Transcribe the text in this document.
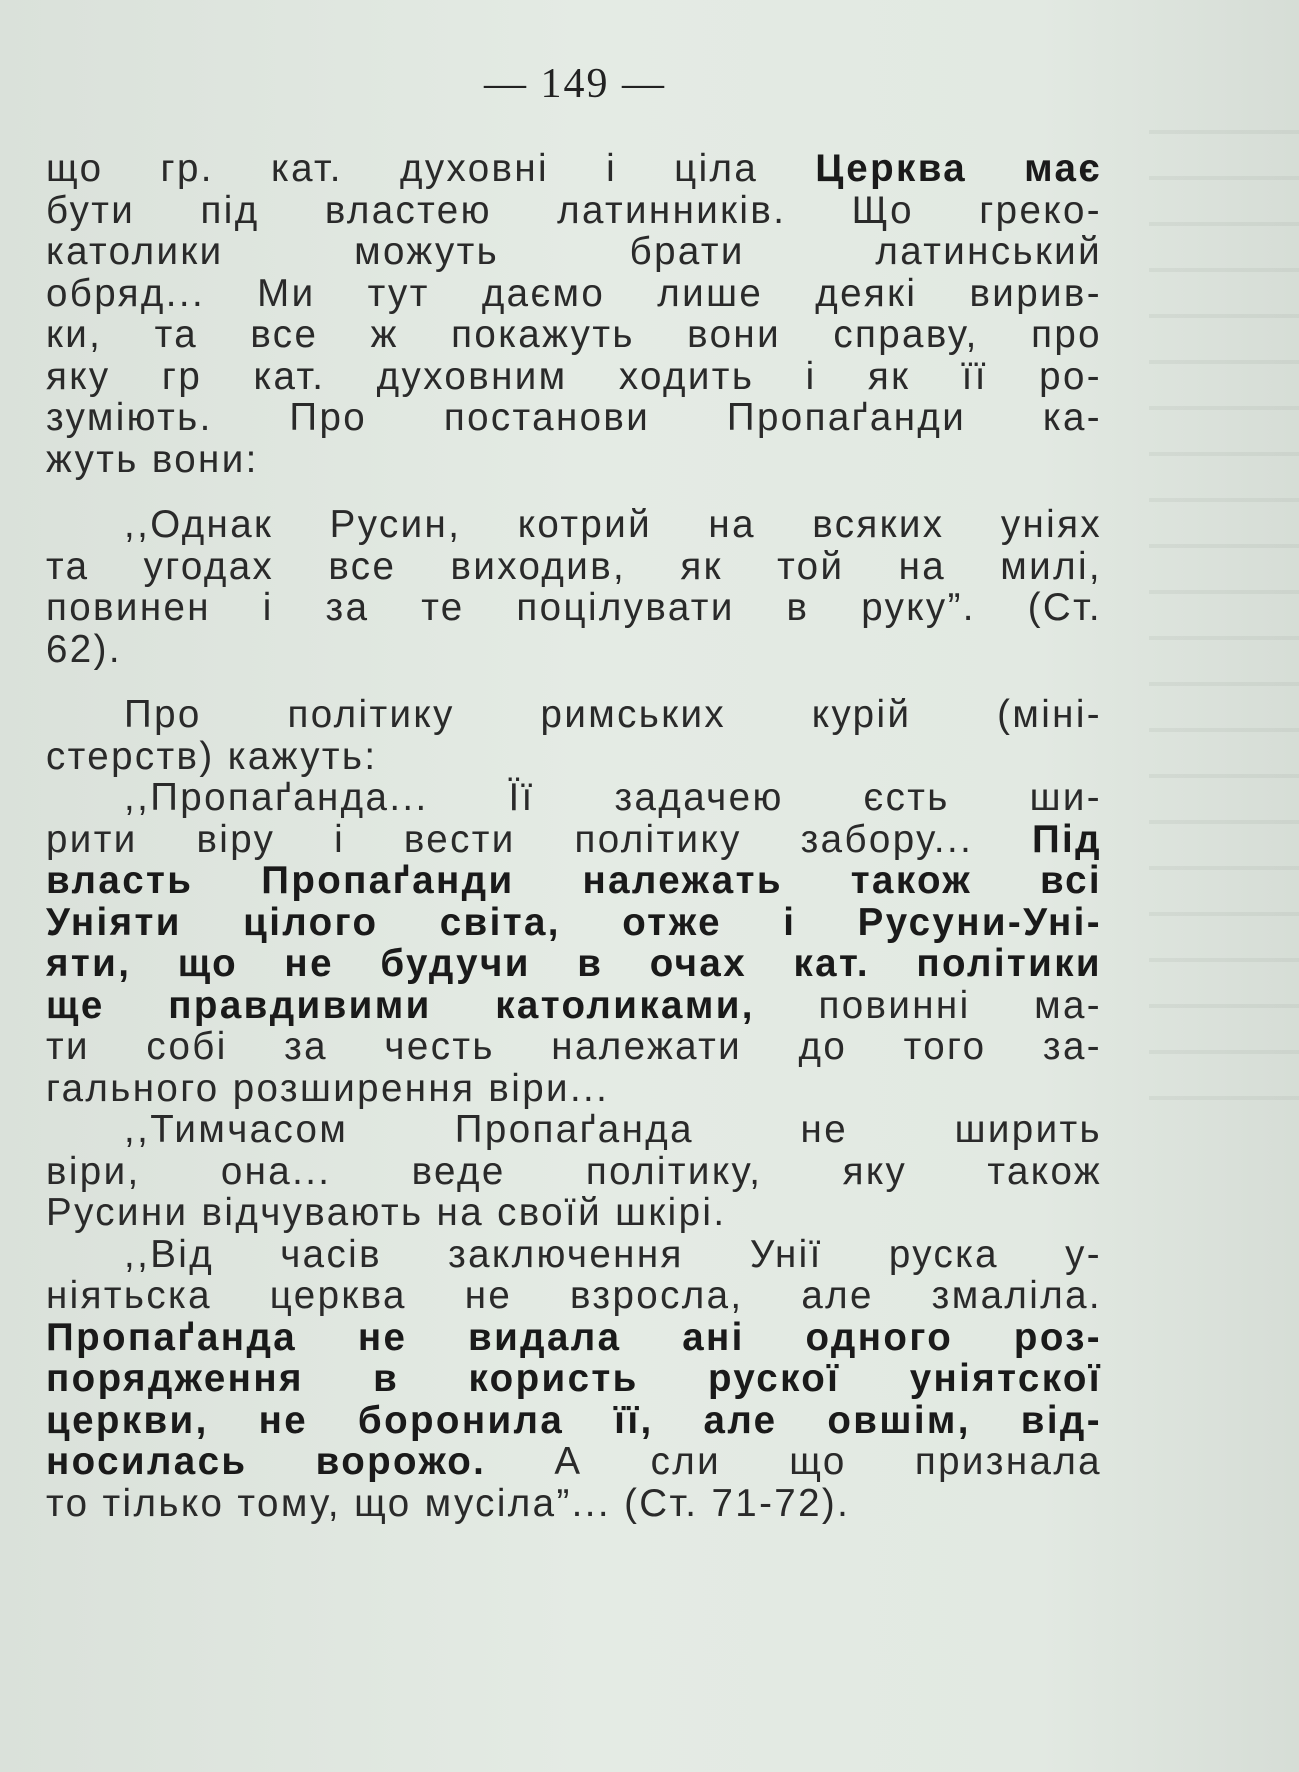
— 149 —
що гр. кат. духовні і ціла Церква має
бути під властею латинників. Що греко-
католики можуть брати латинський
обряд... Ми тут даємо лише деякі вирив-
ки, та все ж покажуть вони справу, про
яку гр кат. духовним ходить і як її ро-
зуміють. Про постанови Пропаґанди ка-
жуть вони:
,,Однак Русин, котрий на всяких уніях
та угодах все виходив, як той на милі,
повинен і за те поцілувати в руку”. (Ст.
62).
Про політику римських курій (міні-
стерств) кажуть:
,,Пропаґанда... Її задачею єсть ши-
рити віру і вести політику забору... Під
власть Пропаґанди належать також всі
Уніяти цілого світа, отже і Русуни-Уні-
яти, що не будучи в очах кат. політики
ще правдивими католиками, повинні ма-
ти собі за честь належати до того за-
гального розширення віри...
,,Тимчасом Пропаґанда не ширить
віри, она... веде політику, яку також
Русини відчувають на своїй шкірі.
,,Від часів заключення Унії руска у-
ніятьска церква не взросла, але змаліла.
Пропаґанда не видала ані одного роз-
порядження в користь рускої уніятскої
церкви, не боронила її, але овшім, від-
носилась ворожо. А сли що признала
то тілько тому, що мусіла”... (Ст. 71-72).
